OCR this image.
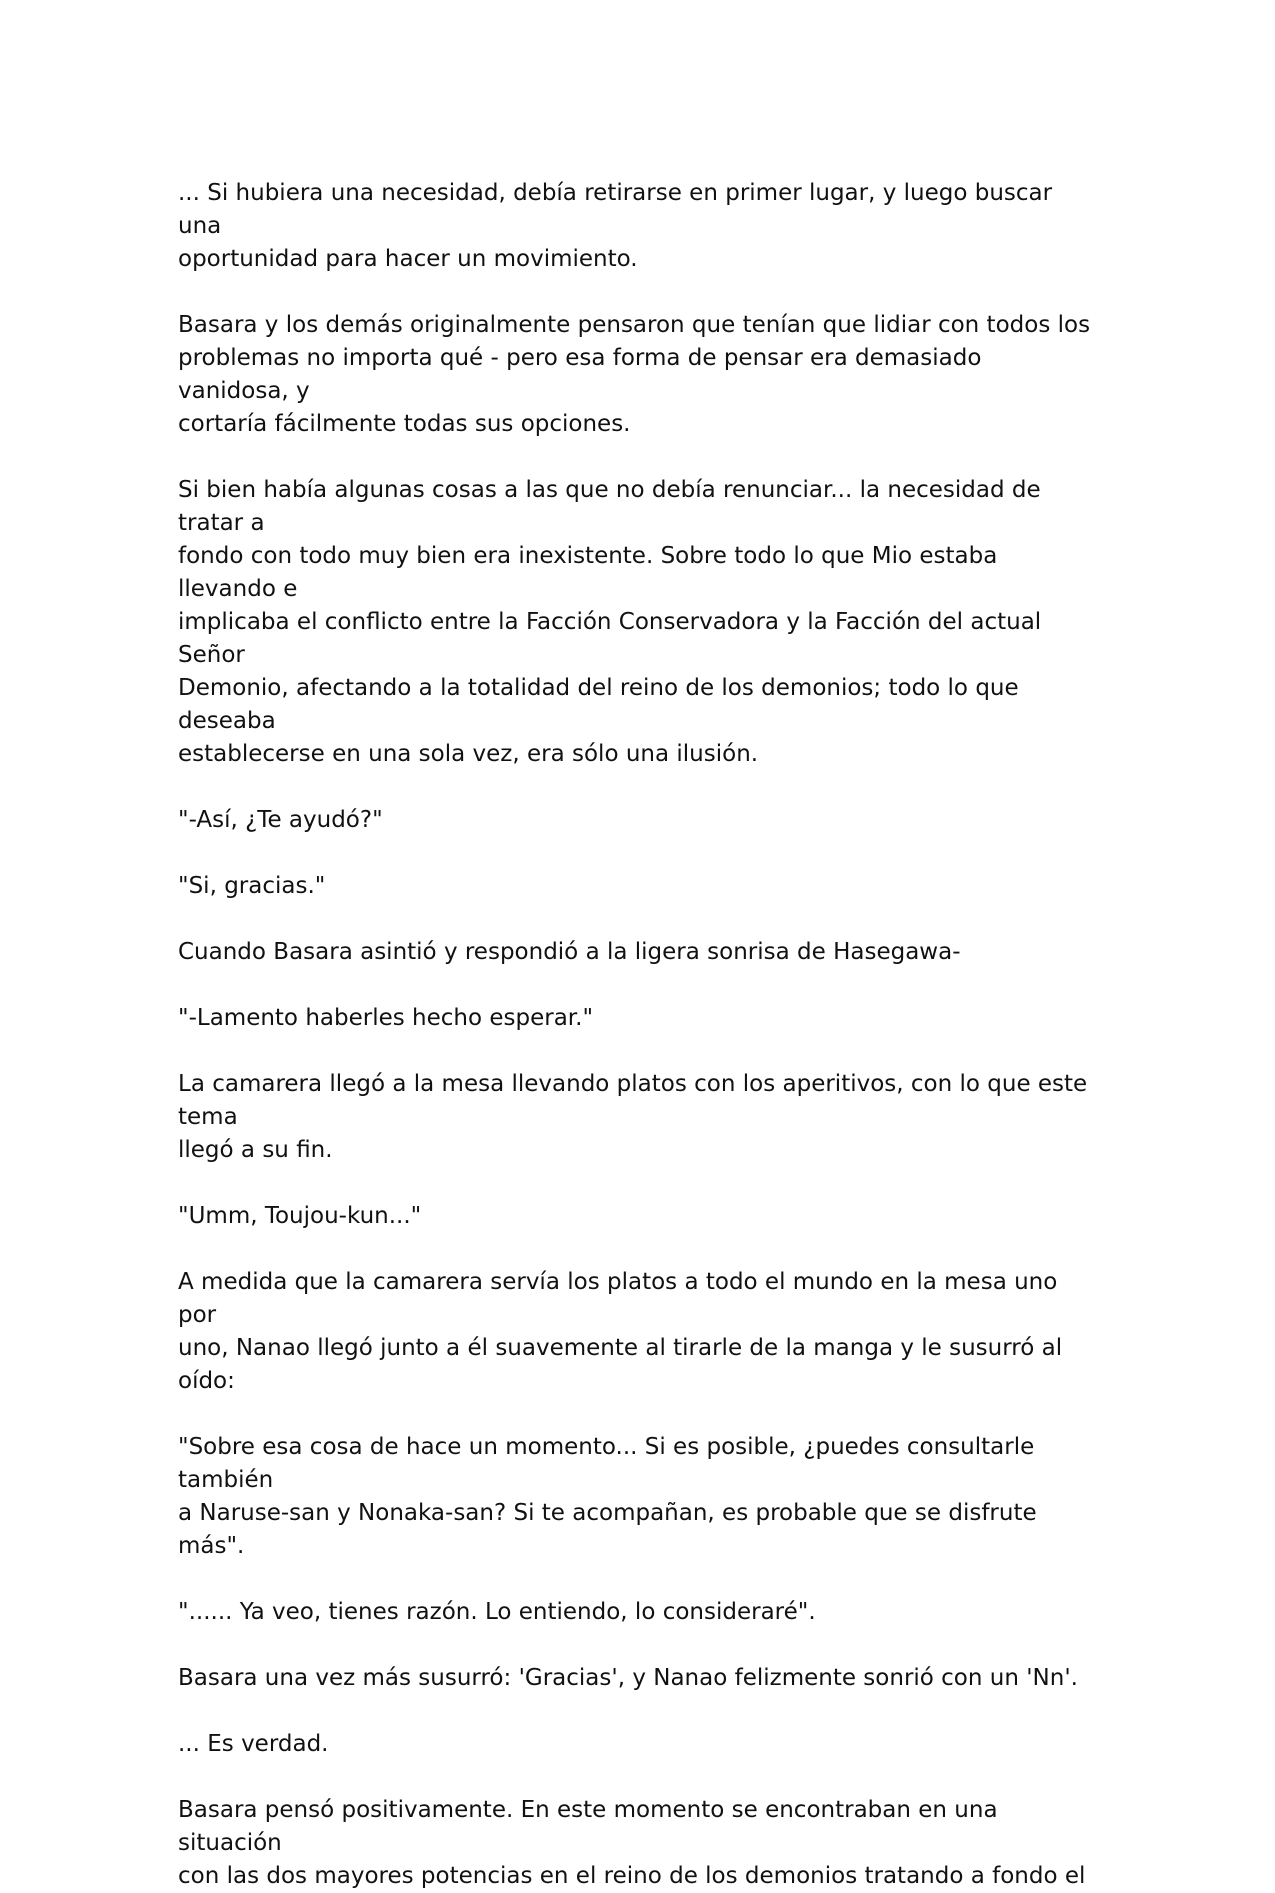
... Si hubiera una necesidad, debía retirarse en primer lugar, y luego buscar una
oportunidad para hacer un movimiento.

Basara y los demás originalmente pensaron que tenían que lidiar con todos los
problemas no importa qué - pero esa forma de pensar era demasiado vanidosa, y
cortaría fácilmente todas sus opciones.

Si bien había algunas cosas a las que no debía renunciar... la necesidad de tratar a
fondo con todo muy bien era inexistente. Sobre todo lo que Mio estaba llevando e
implicaba el conflicto entre la Facción Conservadora y la Facción del actual Señor
Demonio, afectando a la totalidad del reino de los demonios; todo lo que deseaba
establecerse en una sola vez, era sólo una ilusión.

"-Así, ¿Te ayudó?"

"Si, gracias."

Cuando Basara asintió y respondió a la ligera sonrisa de Hasegawa-

"-Lamento haberles hecho esperar."

La camarera llegó a la mesa llevando platos con los aperitivos, con lo que este tema
llegó a su fin.

"Umm, Toujou-kun..."

A medida que la camarera servía los platos a todo el mundo en la mesa uno por
uno, Nanao llegó junto a él suavemente al tirarle de la manga y le susurró al oído:

"Sobre esa cosa de hace un momento... Si es posible, ¿puedes consultarle también
a Naruse-san y Nonaka-san? Si te acompañan, es probable que se disfrute más".

"...... Ya veo, tienes razón. Lo entiendo, lo consideraré".

Basara una vez más susurró: 'Gracias', y Nanao felizmente sonrió con un 'Nn'.

... Es verdad.

Basara pensó positivamente. En este momento se encontraban en una situación
con las dos mayores potencias en el reino de los demonios tratando a fondo el
